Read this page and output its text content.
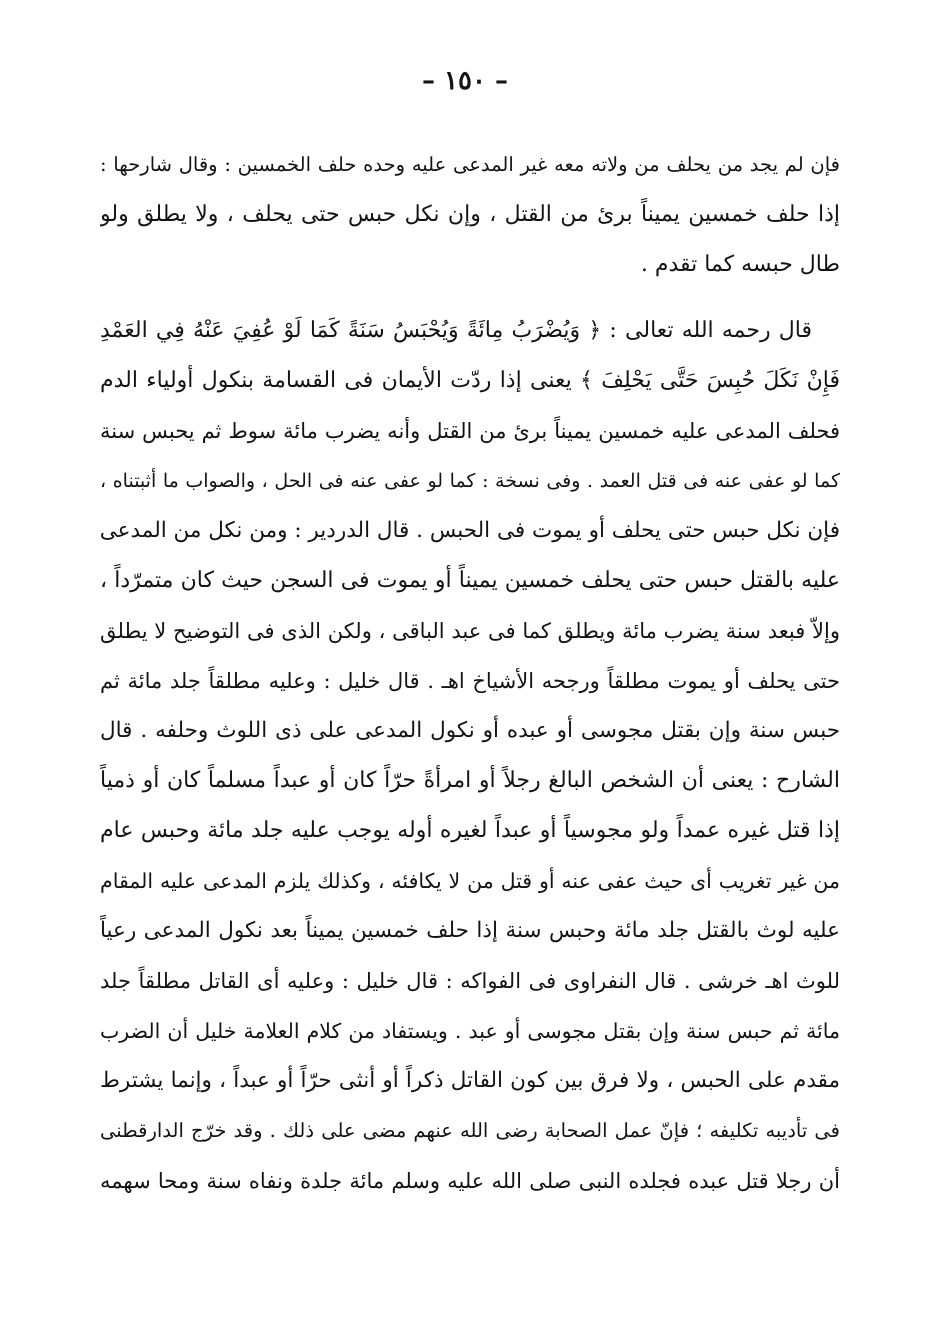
– ١٥٠ –
فإن لم يجد من يحلف من ولاته معه غير المدعى عليه وحده حلف الخمسين : وقال شارحها :
إذا حلف خمسين يميناً برئ من القتل ، وإن نكل حبس حتى يحلف ، ولا يطلق ولو
طال حبسه كما تقدم .
قال رحمه الله تعالى : ﴿ وَيُضْرَبُ مِائَةً وَيُحْبَسُ سَنَةً كَمَا لَوْ عُفِيَ عَنْهُ فِي العَمْدِ
فَإِنْ نَكَلَ حُبِسَ حَتَّى يَحْلِفَ ﴾ يعنى إذا ردّت الأيمان فى القسامة بنكول أولياء الدم
فحلف المدعى عليه خمسين يميناً برئ من القتل وأنه يضرب مائة سوط ثم يحبس سنة
كما لو عفى عنه فى قتل العمد . وفى نسخة : كما لو عفى عنه فى الحل ، والصواب ما أثبتناه ،
فإن نكل حبس حتى يحلف أو يموت فى الحبس . قال الدردير : ومن نكل من المدعى
عليه بالقتل حبس حتى يحلف خمسين يميناً أو يموت فى السجن حيث كان متمرّداً ،
وإلاّ فبعد سنة يضرب مائة ويطلق كما فى عبد الباقى ، ولكن الذى فى التوضيح لا يطلق
حتى يحلف أو يموت مطلقاً ورجحه الأشياخ اهـ . قال خليل : وعليه مطلقاً جلد مائة ثم
حبس سنة وإن بقتل مجوسى أو عبده أو نكول المدعى على ذى اللوث وحلفه . قال
الشارح : يعنى أن الشخص البالغ رجلاً أو امرأةً حرّاً كان أو عبداً مسلماً كان أو ذمياً
إذا قتل غيره عمداً ولو مجوسياً أو عبداً لغيره أوله يوجب عليه جلد مائة وحبس عام
من غير تغريب أى حيث عفى عنه أو قتل من لا يكافئه ، وكذلك يلزم المدعى عليه المقام
عليه لوث بالقتل جلد مائة وحبس سنة إذا حلف خمسين يميناً بعد نكول المدعى رعياً
للوث اهـ خرشى . قال النفراوى فى الفواكه : قال خليل : وعليه أى القاتل مطلقاً جلد
مائة ثم حبس سنة وإن بقتل مجوسى أو عبد . ويستفاد من كلام العلامة خليل أن الضرب
مقدم على الحبس ، ولا فرق بين كون القاتل ذكراً أو أنثى حرّاً أو عبداً ، وإنما يشترط
فى تأديبه تكليفه ؛ فإنّ عمل الصحابة رضى الله عنهم مضى على ذلك . وقد خرّج الدارقطنى
أن رجلا قتل عبده فجلده النبى صلى الله عليه وسلم مائة جلدة ونفاه سنة ومحا سهمه
